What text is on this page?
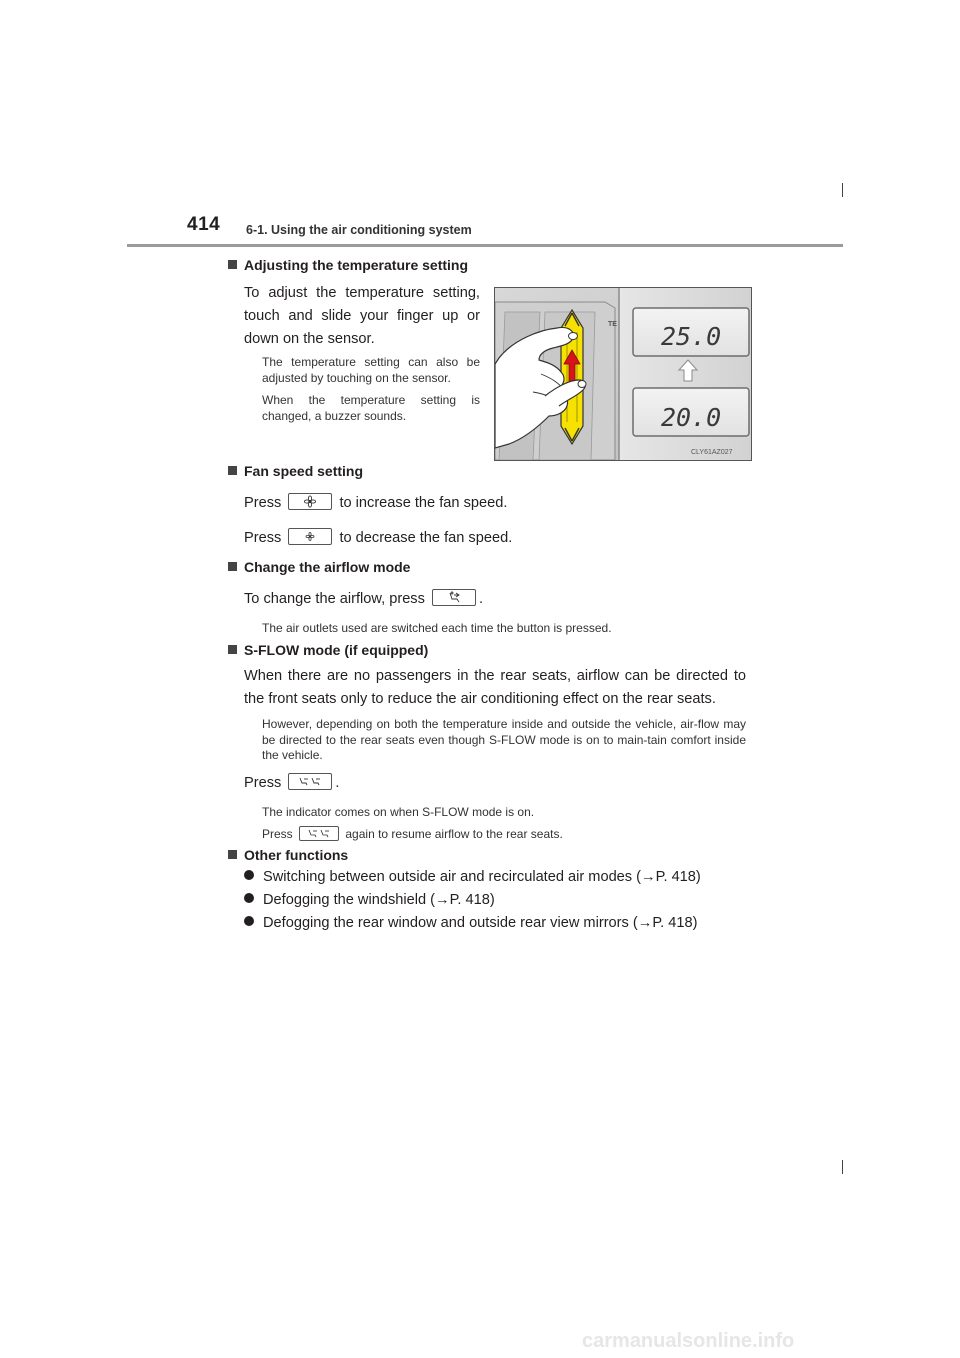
414 6-1. Using the air conditioning system
Adjusting the temperature setting
To adjust the temperature setting, touch and slide your finger up or down on the sensor.
The temperature setting can also be adjusted by touching on the sensor.
When the temperature setting is changed, a buzzer sounds.
25.0
20.0
TE
CLY61AZ027
Fan speed setting
Press	to increase the fan speed.
Press	to decrease the fan speed.
Change the airflow mode
To change the airflow, press	.
The air outlets used are switched each time the button is pressed.
S-FLOW mode (if equipped)
When there are no passengers in the rear seats, airflow can be directed to the front seats only to reduce the air conditioning effect on the rear seats.
However, depending on both the temperature inside and outside the vehicle, air-flow may be directed to the rear seats even though S-FLOW mode is on to main-tain comfort inside the vehicle.
Press	.
The indicator comes on when S-FLOW mode is on.
Press	again to resume airflow to the rear seats.
Other functions
Switching between outside air and recirculated air modes (→P. 418)
Defogging the windshield (→P. 418)
Defogging the rear window and outside rear view mirrors (→P. 418)
carmanualsonline.info
